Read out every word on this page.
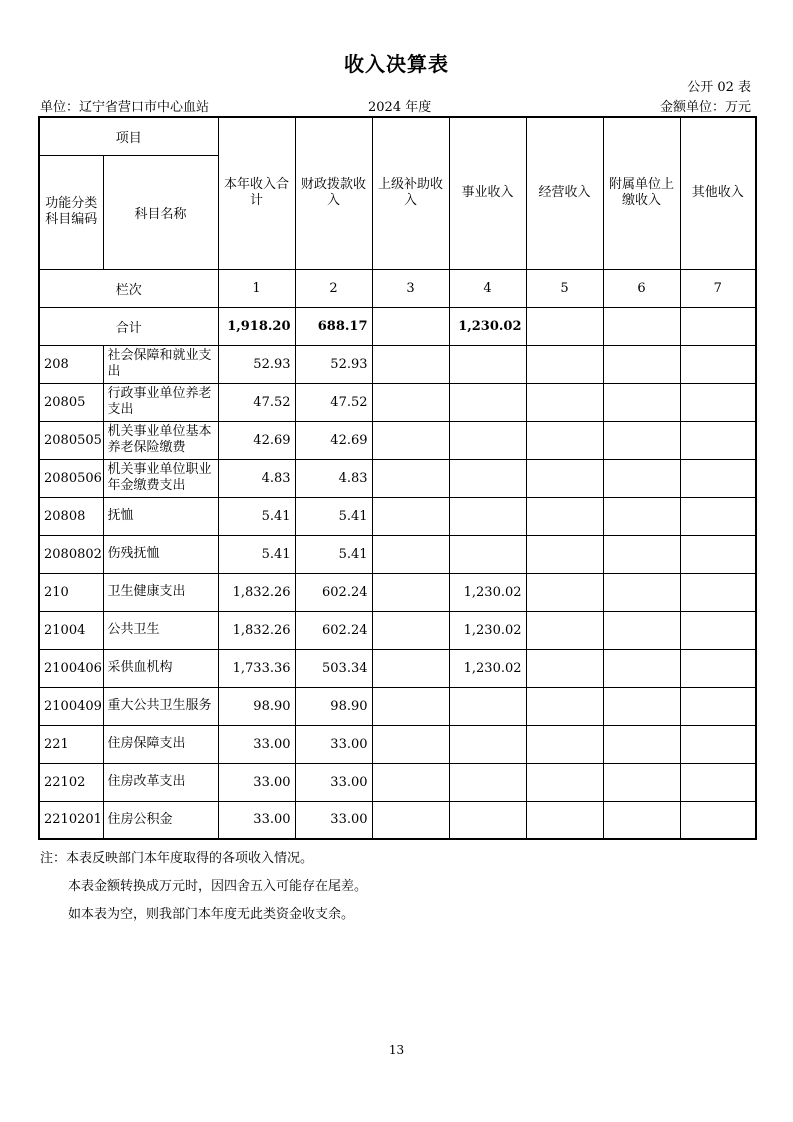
收入决算表
公开 02 表
单位：辽宁省营口市中心血站	2024 年度	金额单位：万元
项目		本年收入合计	财政拨款收入	上级补助收入	事业收入	经营收入	附属单位上缴收入	其他收入
功能分类科目编码	科目名称							
栏次		1	2	3	4	5	6	7
合计		1,918.20	688.17		1,230.02			
208	社会保障和就业支出	52.93	52.93					
20805	行政事业单位养老支出	47.52	47.52					
2080505	机关事业单位基本养老保险缴费	42.69	42.69					
2080506	机关事业单位职业年金缴费支出	4.83	4.83					
20808	抚恤	5.41	5.41					
2080802	伤残抚恤	5.41	5.41					
210	卫生健康支出	1,832.26	602.24		1,230.02			
21004	公共卫生	1,832.26	602.24		1,230.02			
2100406	采供血机构	1,733.36	503.34		1,230.02			
2100409	重大公共卫生服务	98.90	98.90					
221	住房保障支出	33.00	33.00					
22102	住房改革支出	33.00	33.00					
2210201	住房公积金	33.00	33.00					
注：本表反映部门本年度取得的各项收入情况。
本表金额转换成万元时，因四舍五入可能存在尾差。
如本表为空，则我部门本年度无此类资金收支余。
13
